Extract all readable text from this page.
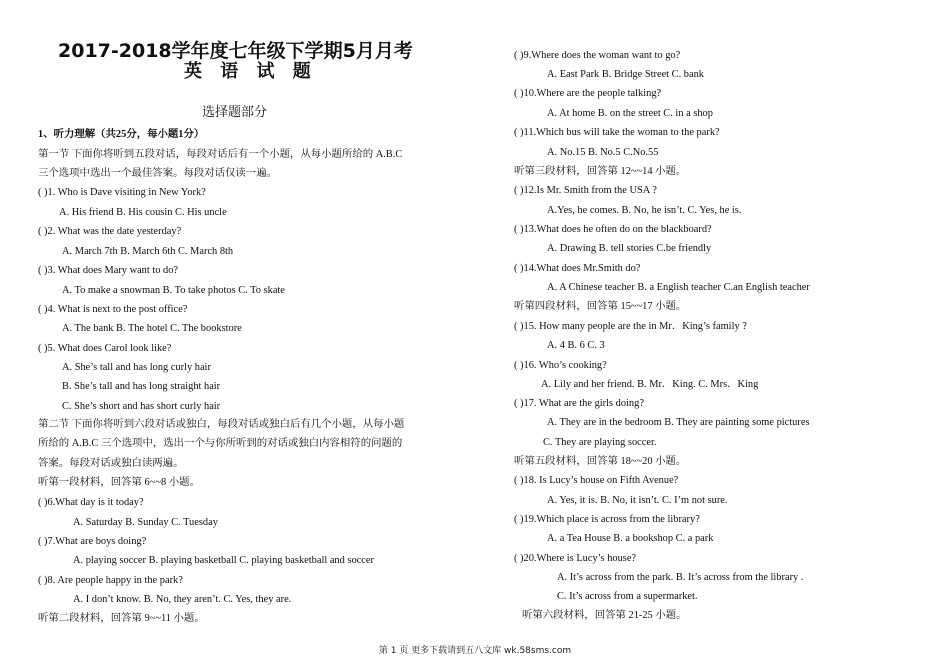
2017-2018学年度七年级下学期5月月考
英 语 试 题
选择题部分
1、听力理解（共25分，每小题1分）
第一节 下面你将听到五段对话，每段对话后有一个小题，从每小题所给的 A.B.C
三个选项中选出一个最佳答案。每段对话仅读一遍。
( )1. Who is Dave visiting in New York?
A. His friend B. His cousin C. His uncle
( )2. What was the date yesterday?
A. March 7th B. March 6th C. March 8th
( )3. What does Mary want to do?
A. To make a snowman B. To take photos C. To skate
( )4. What is next to the post office?
A. The bank B. The hotel C. The bookstore
( )5. What does Carol look like?
A. She’s tall and has long curly hair
B. She’s tall and has long straight hair
C. She’s short and has short curly hair
第二节 下面你将听到六段对话或独白，每段对话或独白后有几个小题，从每小题
所给的 A.B.C 三个选项中，选出一个与你所听到的对话或独白内容相符的问题的
答案。每段对话或独白读两遍。
听第一段材料，回答第 6~~8 小题。
( )6.What day is it today?
A. Saturday B. Sunday C. Tuesday
( )7.What are boys doing?
A. playing soccer B. playing basketball C. playing basketball and soccer
( )8. Are people happy in the park?
A. I don’t know. B. No, they aren’t. C. Yes, they are.
听第二段材料，回答第 9~~11 小题。
( )9.Where does the woman want to go?
A. East Park B. Bridge Street C. bank
( )10.Where are the people talking?
A. At home B. on the street C. in a shop
( )11.Which bus will take the woman to the park?
A. No.15 B. No.5 C.No.55
听第三段材料，回答第 12~~14 小题。
( )12.Is Mr. Smith from the USA ?
A.Yes, he comes. B. No, he isn’t. C. Yes, he is.
( )13.What does he often do on the blackboard?
A. Drawing B. tell stories C.be friendly
( )14.What does Mr.Smith do?
A. A Chinese teacher B. a English teacher C.an English teacher
听第四段材料，回答第 15~~17 小题。
( )15. How many people are the in Mr．King’s family ?
A. 4 B. 6 C. 3
( )16. Who’s cooking?
A. Lily and her friend. B. Mr．King. C. Mrs．King
( )17. What are the girls doing?
A. They are in the bedroom B. They are painting some pictures
C. They are playing soccer.
听第五段材料，回答第 18~~20 小题。
( )18. Is Lucy’s house on Fifth Avenue?
A. Yes, it is. B. No, it isn’t. C. I’m not sure.
( )19.Which place is across from the library?
A. a Tea House B. a bookshop C. a park
( )20.Where is Lucy’s house?
A. It’s across from the park. B. It’s across from the library .
C. It’s across from a supermarket.
听第六段材料，回答第 21-25 小题。
第 1 页 更多下载请到五八文库 wk.58sms.com
